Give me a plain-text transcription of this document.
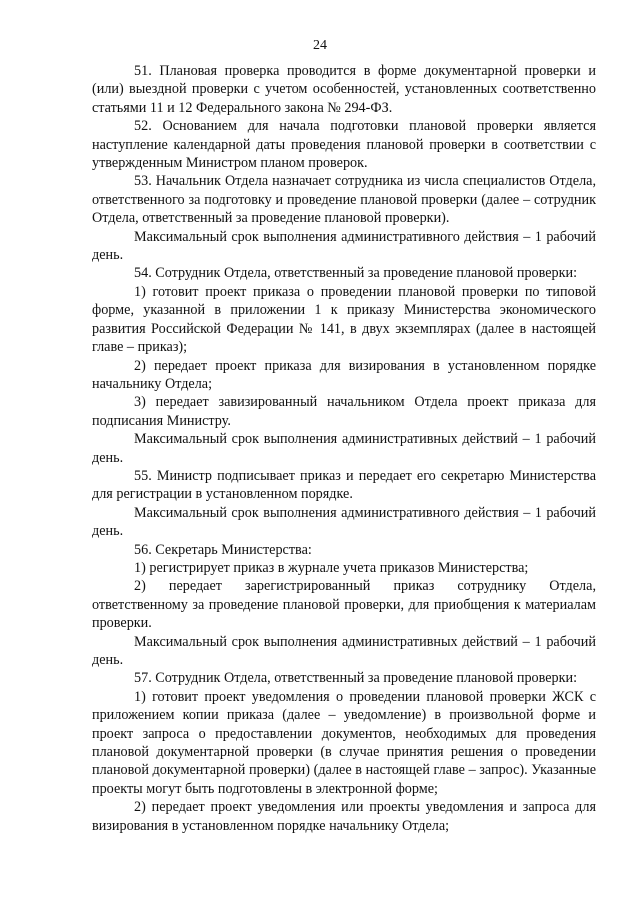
24

51. Плановая проверка проводится в форме документарной проверки и (или) выездной проверки с учетом особенностей, установленных соответственно статьями 11 и 12 Федерального закона № 294-ФЗ.

52. Основанием для начала подготовки плановой проверки является наступление календарной даты проведения плановой проверки в соответствии с утвержденным Министром планом проверок.

53. Начальник Отдела назначает сотрудника из числа специалистов Отдела, ответственного за подготовку и проведение плановой проверки (далее – сотрудник Отдела, ответственный за проведение плановой проверки).

Максимальный срок выполнения административного действия – 1 рабочий день.

54. Сотрудник Отдела, ответственный за проведение плановой проверки:

1) готовит проект приказа о проведении плановой проверки по типовой форме, указанной в приложении 1 к приказу Министерства экономического развития Российской Федерации № 141, в двух экземплярах (далее в настоящей главе – приказ);

2) передает проект приказа для визирования в установленном порядке начальнику Отдела;

3) передает завизированный начальником Отдела проект приказа для подписания Министру.

Максимальный срок выполнения административных действий – 1 рабочий день.

55. Министр подписывает приказ и передает его секретарю Министерства для регистрации в установленном порядке.

Максимальный срок выполнения административного действия – 1 рабочий день.

56. Секретарь Министерства:

1) регистрирует приказ в журнале учета приказов Министерства;

2) передает зарегистрированный приказ сотруднику Отдела, ответственному за проведение плановой проверки, для приобщения к материалам проверки.

Максимальный срок выполнения административных действий – 1 рабочий день.

57. Сотрудник Отдела, ответственный за проведение плановой проверки:

1) готовит проект уведомления о проведении плановой проверки ЖСК с приложением копии приказа (далее – уведомление) в произвольной форме и проект запроса о предоставлении документов, необходимых для проведения плановой документарной проверки (в случае принятия решения о проведении плановой документарной проверки) (далее в настоящей главе – запрос). Указанные проекты могут быть подготовлены в электронной форме;

2) передает проект уведомления или проекты уведомления и запроса для визирования в установленном порядке начальнику Отдела;
